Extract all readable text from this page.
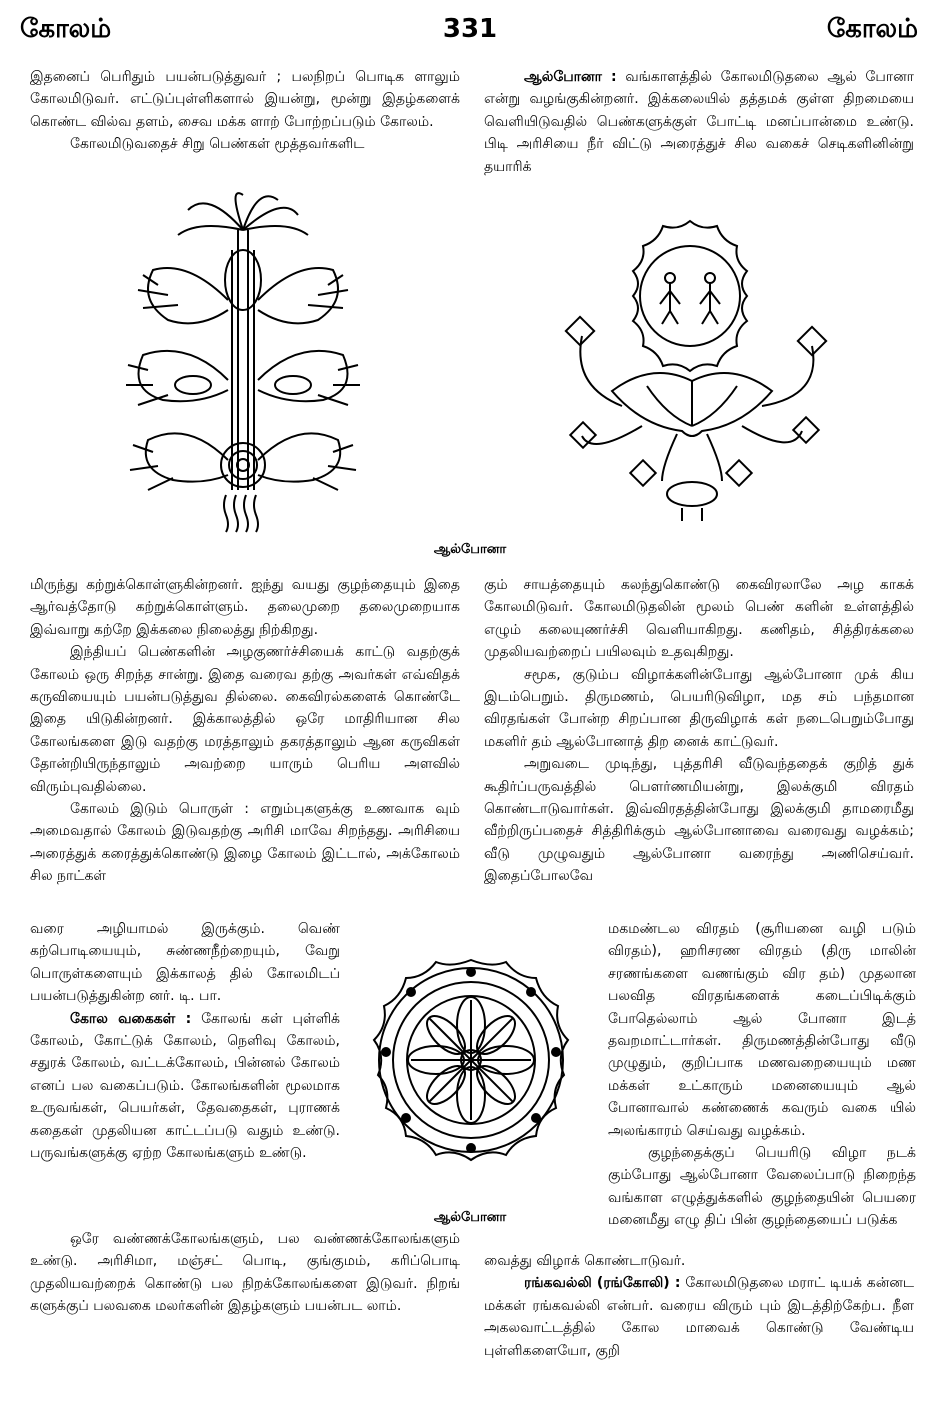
கோலம்	331	கோலம்

இதனைப் பெரிதும் பயன்படுத்துவர் ; பலநிறப் பொடிக ளாலும் கோலமிடுவர். எட்டுப்புள்ளிகளால் இயன்று, மூன்று இதழ்களைக் கொண்ட வில்வ தளம், சைவ மக்க ளாற் போற்றப்படும் கோலம்.

கோலமிடுவதைச் சிறு பெண்கள் மூத்தவர்களிட

ஆல்போனா : வங்காளத்தில் கோலமிடுதலை ஆல் போனா என்று வழங்குகின்றனர். இக்கலையில் தத்தமக் குள்ள திறமையை வெளியிடுவதில் பெண்களுக்குள் போட்டி மனப்பான்மை உண்டு. பிடி அரிசியை நீர் விட்டு அரைத்துச் சில வகைச் செடிகளினின்று தயாரிக்

ஆல்போனா

மிருந்து கற்றுக்கொள்ளுகின்றனர். ஐந்து வயது குழந்தையும் இதை ஆர்வத்தோடு கற்றுக்கொள்ளும். தலைமுறை தலைமுறையாக இவ்வாறு கற்றே இக்கலை நிலைத்து நிற்கிறது.

இந்தியப் பெண்களின் அழகுணர்ச்சியைக் காட்டு வதற்குக் கோலம் ஒரு சிறந்த சான்று. இதை வரைவ தற்கு அவர்கள் எவ்விதக் கருவியையும் பயன்படுத்துவ தில்லை. கைவிரல்களைக் கொண்டே இதை யிடுகின்றனர். இக்காலத்தில் ஒரே மாதிரியான சில கோலங்களை இடு வதற்கு மரத்தாலும் தகரத்தாலும் ஆன கருவிகள் தோன்றியிருந்தாலும் அவற்றை யாரும் பெரிய அளவில் விரும்புவதில்லை.

கோலம் இடும் பொருள் : எறும்புகளுக்கு உணவாக வும் அமைவதால் கோலம் இடுவதற்கு அரிசி மாவே சிறந்தது. அரிசியை அரைத்துக் கரைத்துக்கொண்டு இழை கோலம் இட்டால், அக்கோலம் சில நாட்கள்

கும் சாயத்தையும் கலந்துகொண்டு கைவிரலாலே அழ காகக் கோலமிடுவர். கோலமிடுதலின் மூலம் பெண் களின் உள்ளத்தில் எழும் கலையுணர்ச்சி வெளியாகிறது. கணிதம், சித்திரக்கலை முதலியவற்றைப் பயிலவும் உதவுகிறது.

சமூக, குடும்ப விழாக்களின்போது ஆல்போனா முக் கிய இடம்பெறும். திருமணம், பெயரிடுவிழா, மத சம் பந்தமான விரதங்கள் போன்ற சிறப்பான திருவிழாக் கள் நடைபெறும்போது மகளிர் தம் ஆல்போனாத் திற னைக் காட்டுவர்.

அறுவடை முடிந்து, புத்தரிசி வீடுவந்ததைக் குறித் துக் கூதிர்ப்பருவத்தில் பௌர்ணமியன்று, இலக்குமி விரதம் கொண்டாடுவார்கள். இவ்விரதத்தின்போது இலக்குமி தாமரைமீது வீற்றிருப்பதைச் சித்திரிக்கும் ஆல்போனாவை வரைவது வழக்கம்; வீடு முழுவதும் ஆல்போனா வரைந்து அணிசெய்வர். இதைப்போலவே

வரை அழியாமல் இருக்கும். வெண் கற்பொடியையும், சுண்ணநீற்றையும், வேறு பொருள்களையும் இக்காலத் தில் கோலமிடப் பயன்படுத்துகின்ற னர். டி. பா.

கோல வகைகள் : கோலங் கள் புள்ளிக் கோலம், கோட்டுக் கோலம், நெளிவு கோலம், சதுரக் கோலம், வட்டக்கோலம், பின்னல் கோலம் எனப் பல வகைப்படும். கோலங்களின் மூலமாக உருவங்கள், பெயர்கள், தேவதைகள், புராணக் கதைகள் முதலியன காட்டப்படு வதும் உண்டு. பருவங்களுக்கு ஏற்ற கோலங்களும் உண்டு.

ஆல்போனா

மகமண்டல விரதம் (சூரியனை வழி படும் விரதம்), ஹரிசரண விரதம் (திரு மாலின் சரணங்களை வணங்கும் விர தம்) முதலான பலவித விரதங்களைக் கடைப்பிடிக்கும் போதெல்லாம் ஆல் போனா இடத் தவறமாட்டார்கள். திருமணத்தின்போது வீடு முழுதும், குறிப்பாக மணவறையையும் மண மக்கள் உட்காரும் மனையையும் ஆல் போனாவால் கண்ணைக் கவரும் வகை யில் அலங்காரம் செய்வது வழக்கம்.

குழந்தைக்குப் பெயரிடு விழா நடக் கும்போது ஆல்போனா வேலைப்பாடு நிறைந்த வங்காள எழுத்துக்களில் குழந்தையின் பெயரை மனைமீது எழு திப் பின் குழந்தையைப் படுக்க

ஒரே வண்ணக்கோலங்களும், பல வண்ணக்கோலங்களும் உண்டு. அரிசிமா, மஞ்சட் பொடி, குங்குமம், கரிப்பொடி முதலியவற்றைக் கொண்டு பல நிறக்கோலங்களை இடுவர். நிறங் களுக்குப் பலவகை மலர்களின் இதழ்களும் பயன்பட லாம்.

வைத்து விழாக் கொண்டாடுவர்.

ரங்கவல்லி (ரங்கோலி) : கோலமிடுதலை மராட் டியக் கன்னட மக்கள் ரங்கவல்லி என்பர். வரைய விரும் பும் இடத்திற்கேற்ப. நீள அகலவாட்டத்தில் கோல மாவைக் கொண்டு வேண்டிய புள்ளிகளையோ, குறி
